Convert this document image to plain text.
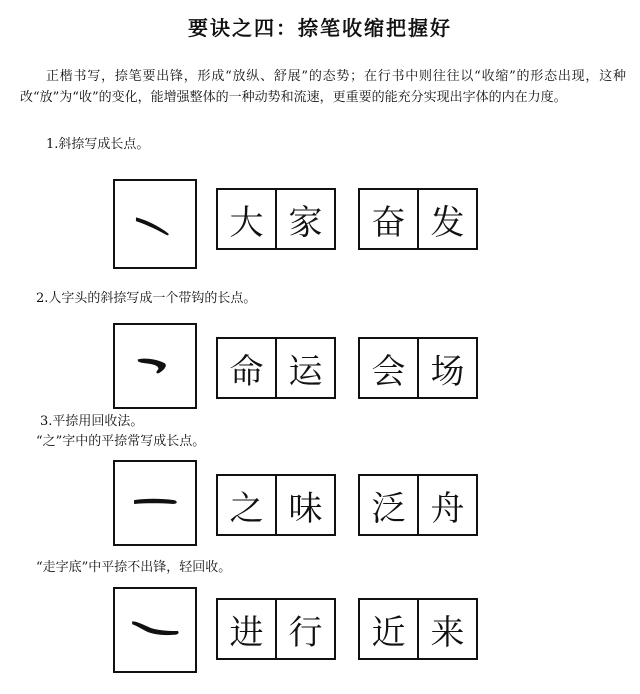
要诀之四：捺笔收缩把握好
正楷书写，捺笔要出锋，形成“放纵、舒展”的态势；在行书中则往往以“收缩”的形态出现，这种改“放”为“收”的变化，能增强整体的一种动势和流速，更重要的能充分实现出字体的内在力度。
1.斜捺写成长点。
大 家	奋 发
2.人字头的斜捺写成一个带钩的长点。
命 运	会 场
3.平捺用回收法。
“之”字中的平捺常写成长点。
之 味	泛 舟
“走字底”中平捺不出锋，轻回收。
进 行	近 来
